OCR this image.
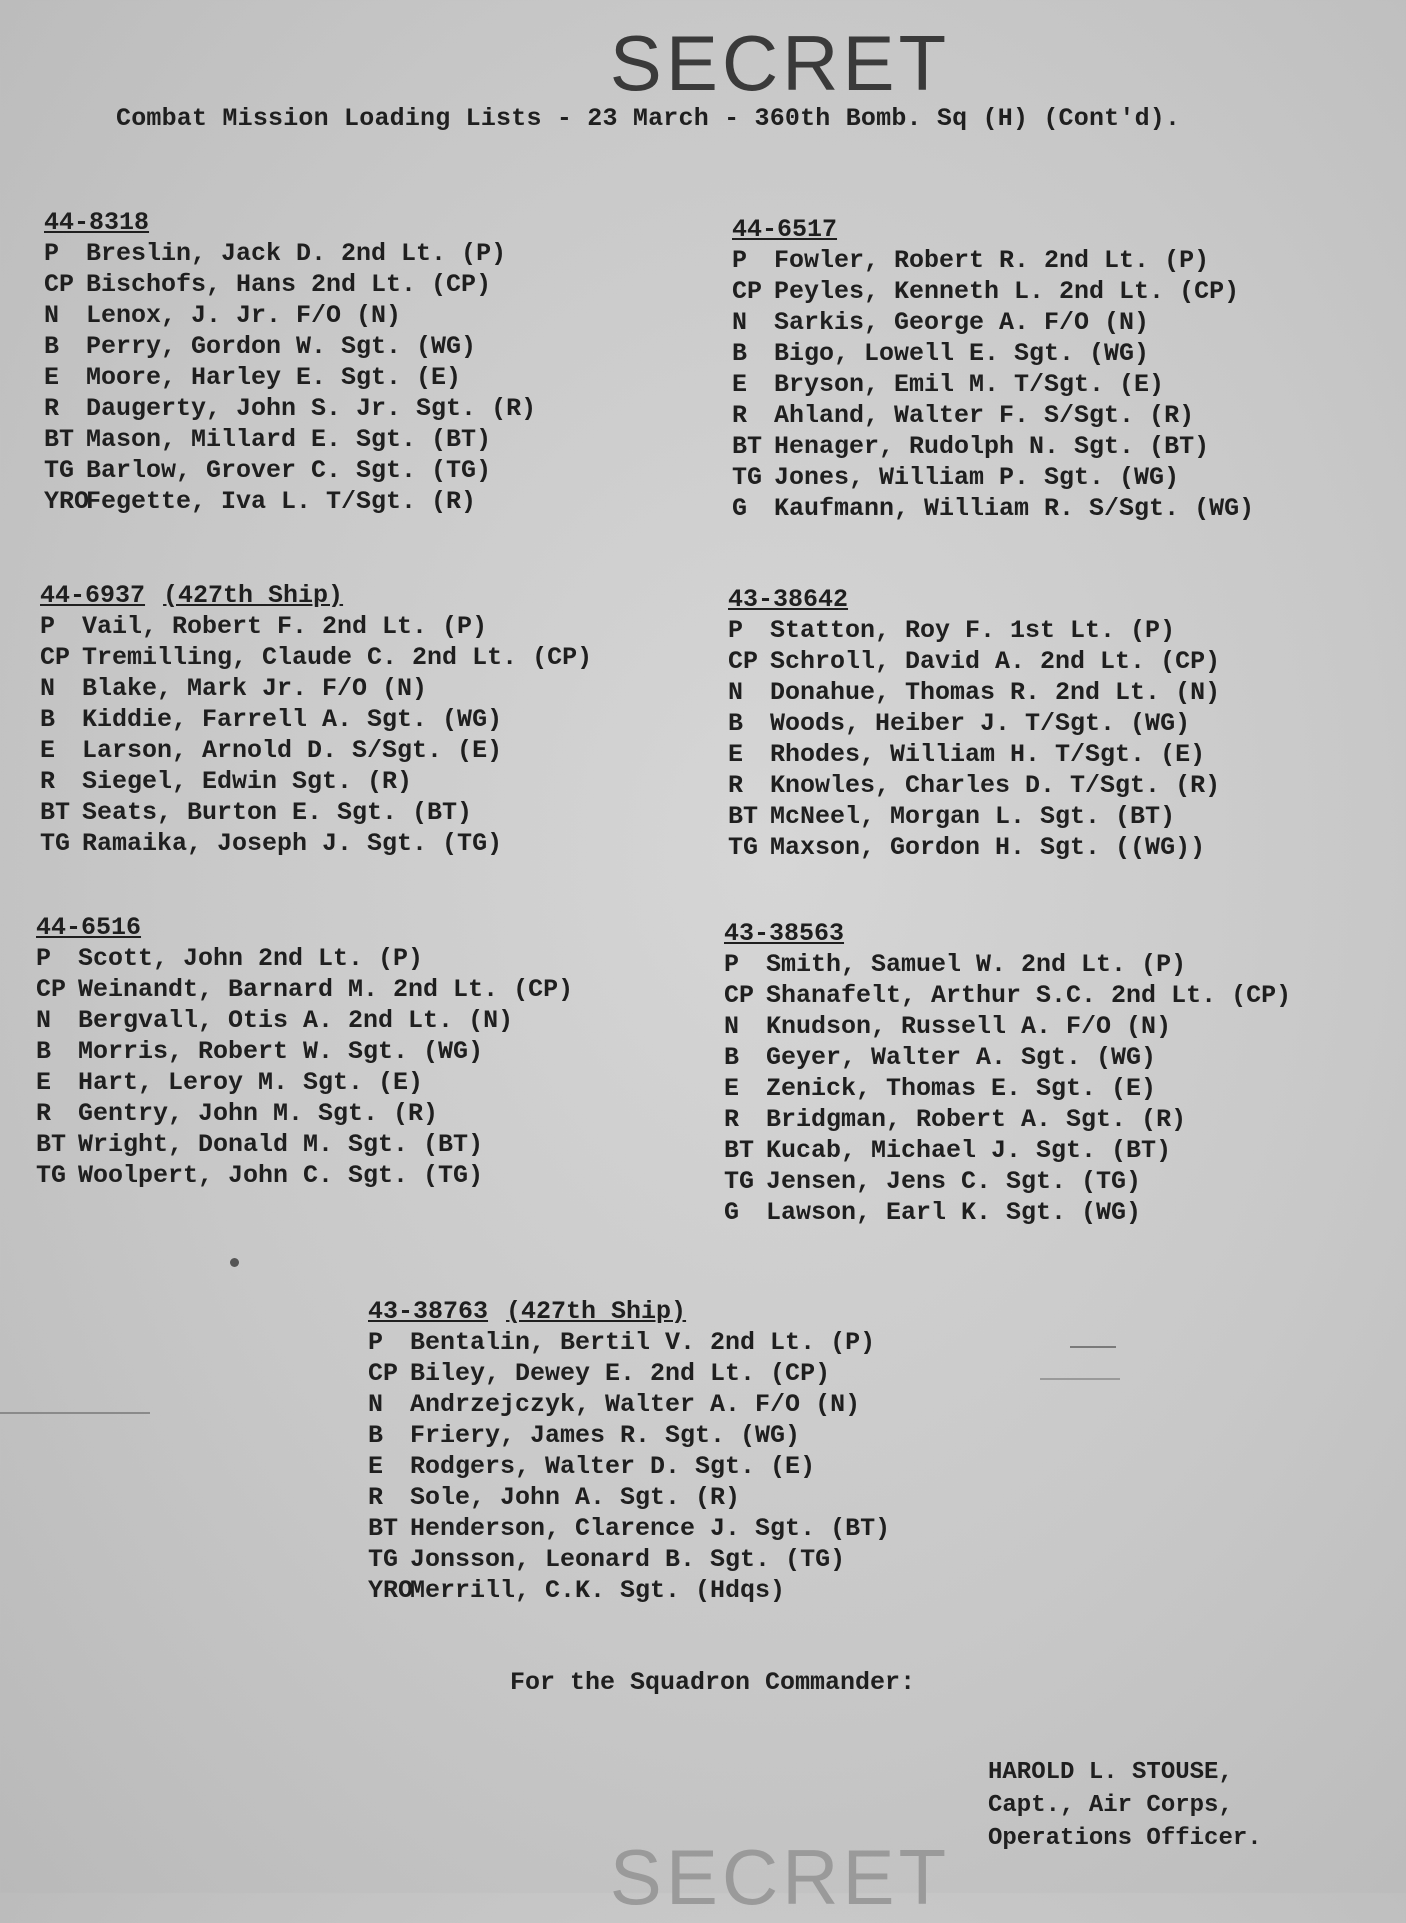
SECRET
Combat Mission Loading Lists - 23 March - 360th Bomb. Sq (H) (Cont'd).
44-8318
P Breslin, Jack D. 2nd Lt. (P)
CP Bischofs, Hans 2nd Lt. (CP)
N Lenox, J. Jr. F/O (N)
B Perry, Gordon W. Sgt. (WG)
E Moore, Harley E. Sgt. (E)
R Daugerty, John S. Jr. Sgt. (R)
BT Mason, Millard E. Sgt. (BT)
TG Barlow, Grover C. Sgt. (TG)
YROFegette, Iva L. T/Sgt. (R)
44-6517
P Fowler, Robert R. 2nd Lt. (P)
CP Peyles, Kenneth L. 2nd Lt. (CP)
N Sarkis, George A. F/O (N)
B Bigo, Lowell E. Sgt. (WG)
E Bryson, Emil M. T/Sgt. (E)
R Ahland, Walter F. S/Sgt. (R)
BT Henager, Rudolph N. Sgt. (BT)
TG Jones, William P. Sgt. (WG)
G Kaufmann, William R. S/Sgt. (WG)
44-6937 (427th Ship)
P Vail, Robert F. 2nd Lt. (P)
CP Tremilling, Claude C. 2nd Lt. (CP)
N Blake, Mark Jr. F/O (N)
B Kiddie, Farrell A. Sgt. (WG)
E Larson, Arnold D. S/Sgt. (E)
R Siegel, Edwin Sgt. (R)
BT Seats, Burton E. Sgt. (BT)
TG Ramaika, Joseph J. Sgt. (TG)
43-38642
P Statton, Roy F. 1st Lt. (P)
CP Schroll, David A. 2nd Lt. (CP)
N Donahue, Thomas R. 2nd Lt. (N)
B Woods, Heiber J. T/Sgt. (WG)
E Rhodes, William H. T/Sgt. (E)
R Knowles, Charles D. T/Sgt. (R)
BT McNeel, Morgan L. Sgt. (BT)
TG Maxson, Gordon H. Sgt. ((WG))
44-6516
P Scott, John 2nd Lt. (P)
CP Weinandt, Barnard M. 2nd Lt. (CP)
N Bergvall, Otis A. 2nd Lt. (N)
B Morris, Robert W. Sgt. (WG)
E Hart, Leroy M. Sgt. (E)
R Gentry, John M. Sgt. (R)
BT Wright, Donald M. Sgt. (BT)
TG Woolpert, John C. Sgt. (TG)
43-38563
P Smith, Samuel W. 2nd Lt. (P)
CP Shanafelt, Arthur S.C. 2nd Lt. (CP)
N Knudson, Russell A. F/O (N)
B Geyer, Walter A. Sgt. (WG)
E Zenick, Thomas E. Sgt. (E)
R Bridgman, Robert A. Sgt. (R)
BT Kucab, Michael J. Sgt. (BT)
TG Jensen, Jens C. Sgt. (TG)
G Lawson, Earl K. Sgt. (WG)
43-38763 (427th Ship)
P Bentalin, Bertil V. 2nd Lt. (P)
CP Biley, Dewey E. 2nd Lt. (CP)
N Andrzejczyk, Walter A. F/O (N)
B Friery, James R. Sgt. (WG)
E Rodgers, Walter D. Sgt. (E)
R Sole, John A. Sgt. (R)
BT Henderson, Clarence J. Sgt. (BT)
TG Jonsson, Leonard B. Sgt. (TG)
YROMerrill, C.K. Sgt. (Hdqs)
For the Squadron Commander:
HAROLD L. STOUSE,
Capt., Air Corps,
Operations Officer.
SECRET
